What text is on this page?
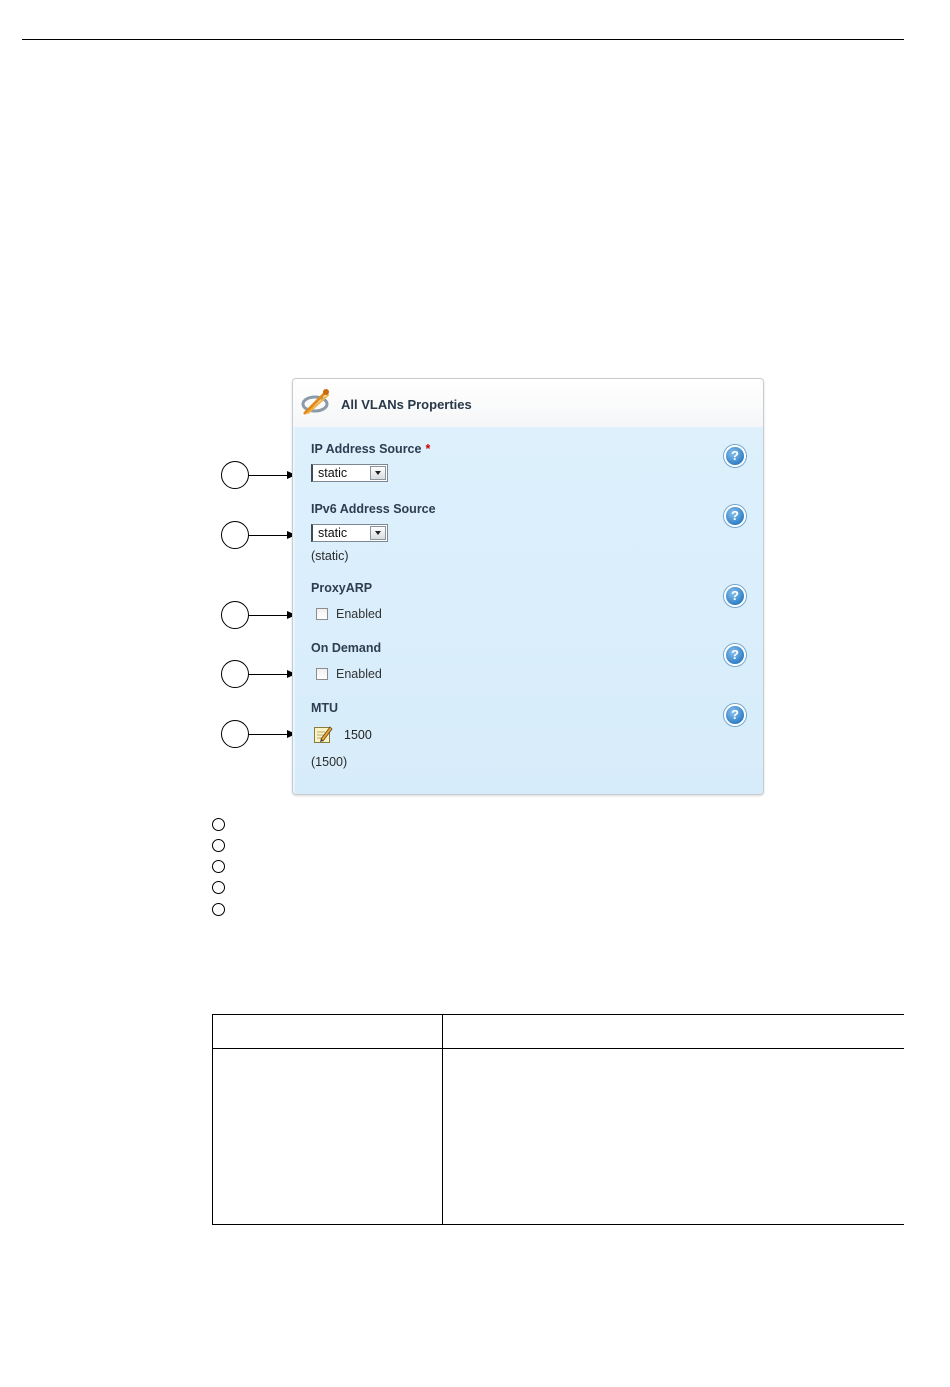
All VLANs Properties
IP Address Source *
static
?
IPv6 Address Source
static
(static)
?
ProxyARP
Enabled
?
On Demand
Enabled
?
MTU
1500
(1500)
?
